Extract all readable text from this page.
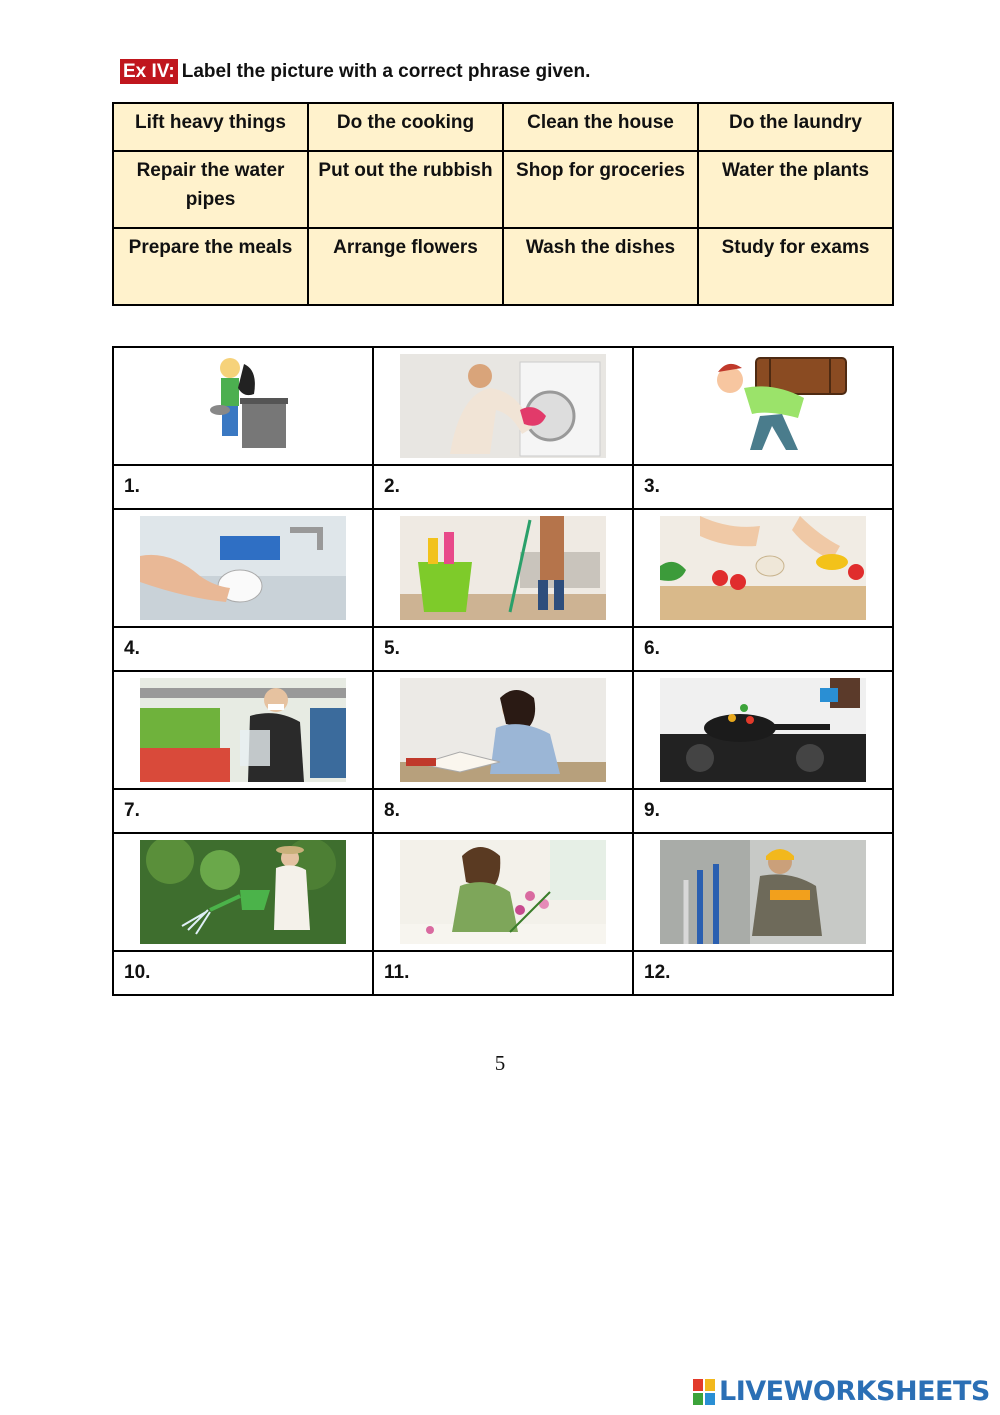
Ex IV: Label the picture with a correct phrase given.
Lift heavy things	Do the cooking	Clean the house	Do the laundry
Repair the water pipes	Put out the rubbish	Shop for groceries	Water the plants
Prepare the meals	Arrange flowers	Wash the dishes	Study for exams

1.	2.	3.

4.	5.	6.

7.	8.	9.

10.	11.	12.
5
LIVEWORKSHEETS
